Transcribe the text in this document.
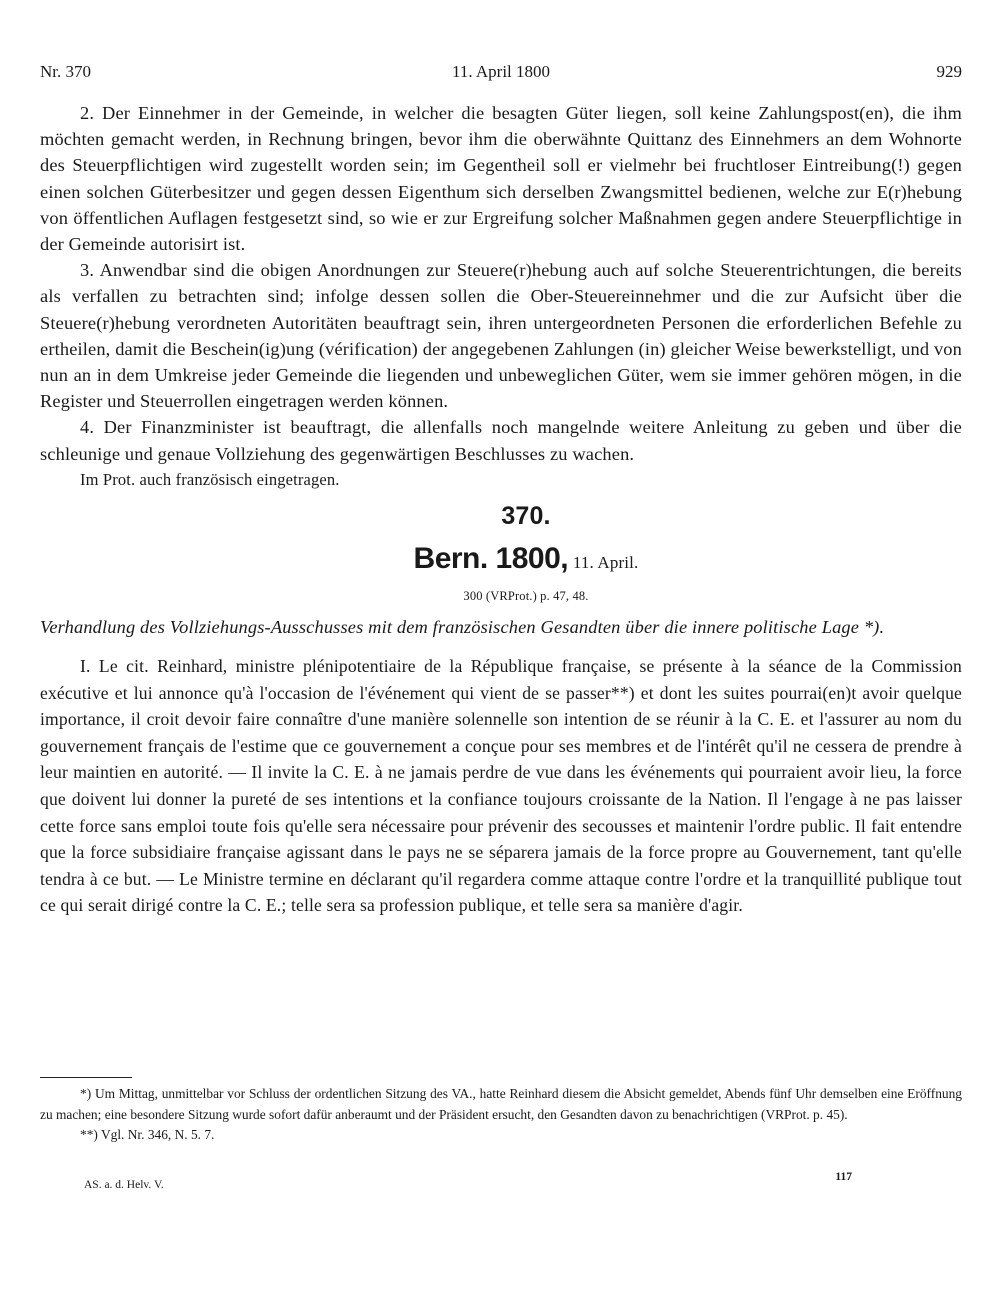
Nr. 370	11. April 1800	929

2. Der Einnehmer in der Gemeinde, in welcher die besagten Güter liegen, soll keine Zahlungspost(en), die ihm möchten gemacht werden, in Rechnung bringen, bevor ihm die oberwähnte Quittanz des Einnehmers an dem Wohnorte des Steuerpflichtigen wird zugestellt worden sein; im Gegentheil soll er vielmehr bei fruchtloser Eintreibung(!) gegen einen solchen Güterbesitzer und gegen dessen Eigenthum sich derselben Zwangsmittel bedienen, welche zur E(r)hebung von öffentlichen Auflagen festgesetzt sind, so wie er zur Ergreifung solcher Maßnahmen gegen andere Steuerpflichtige in der Gemeinde autorisirt ist.

3. Anwendbar sind die obigen Anordnungen zur Steuere(r)hebung auch auf solche Steuerentrichtungen, die bereits als verfallen zu betrachten sind; infolge dessen sollen die Ober-Steuereinnehmer und die zur Aufsicht über die Steuere(r)hebung verordneten Autoritäten beauftragt sein, ihren untergeordneten Personen die erforderlichen Befehle zu ertheilen, damit die Beschein(ig)ung (vérification) der angegebenen Zahlungen (in) gleicher Weise bewerkstelligt, und von nun an in dem Umkreise jeder Gemeinde die liegenden und unbeweglichen Güter, wem sie immer gehören mögen, in die Register und Steuerrollen eingetragen werden können.

4. Der Finanzminister ist beauftragt, die allenfalls noch mangelnde weitere Anleitung zu geben und über die schleunige und genaue Vollziehung des gegenwärtigen Beschlusses zu wachen.

Im Prot. auch französisch eingetragen.

370.
Bern. 1800, 11. April.
300 (VRProt.) p. 47, 48.
Verhandlung des Vollziehungs-Ausschusses mit dem französischen Gesandten über die innere politische Lage *).

I. Le cit. Reinhard, ministre plénipotentiaire de la République française, se présente à la séance de la Commission exécutive et lui annonce qu'à l'occasion de l'événement qui vient de se passer**) et dont les suites pourrai(en)t avoir quelque importance, il croit devoir faire connaître d'une manière solennelle son intention de se réunir à la C. E. et l'assurer au nom du gouvernement français de l'estime que ce gouvernement a conçue pour ses membres et de l'intérêt qu'il ne cessera de prendre à leur maintien en autorité. — Il invite la C. E. à ne jamais perdre de vue dans les événements qui pourraient avoir lieu, la force que doivent lui donner la pureté de ses intentions et la confiance toujours croissante de la Nation. Il l'engage à ne pas laisser cette force sans emploi toute fois qu'elle sera nécessaire pour prévenir des secousses et maintenir l'ordre public. Il fait entendre que la force subsidiaire française agissant dans le pays ne se séparera jamais de la force propre au Gouvernement, tant qu'elle tendra à ce but. — Le Ministre termine en déclarant qu'il regardera comme attaque contre l'ordre et la tranquillité publique tout ce qui serait dirigé contre la C. E.; telle sera sa profession publique, et telle sera sa manière d'agir.

*) Um Mittag, unmittelbar vor Schluss der ordentlichen Sitzung des VA., hatte Reinhard diesem die Absicht gemeldet, Abends fünf Uhr demselben eine Eröffnung zu machen; eine besondere Sitzung wurde sofort dafür anberaumt und der Präsident ersucht, den Gesandten davon zu benachrichtigen (VRProt. p. 45).

**) Vgl. Nr. 346, N. 5. 7.

AS. a. d. Helv. V.
117
